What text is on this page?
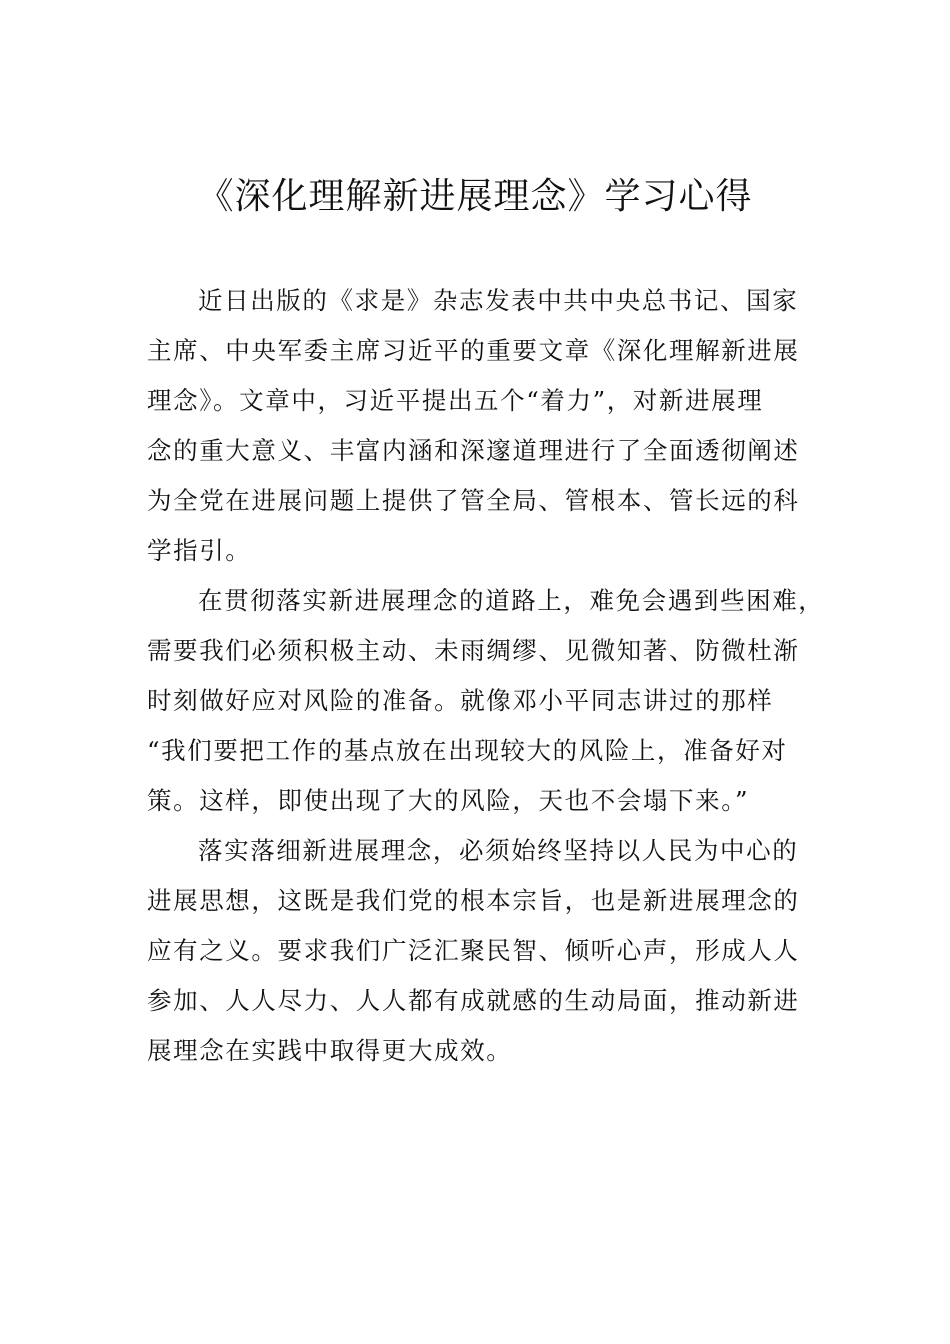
《深化理解新进展理念》学习心得
近日出版的《求是》杂志发表中共中央总书记、国家
主席、中央军委主席习近平的重要文章《深化理解新进展
理念》。文章中，习近平提出五个“着力”，对新进展理
念的重大意义、丰富内涵和深邃道理进行了全面透彻阐述
为全党在进展问题上提供了管全局、管根本、管长远的科
学指引。
在贯彻落实新进展理念的道路上，难免会遇到些困难，
需要我们必须积极主动、未雨绸缪、见微知著、防微杜渐
时刻做好应对风险的准备。就像邓小平同志讲过的那样
“我们要把工作的基点放在出现较大的风险上，准备好对
策。这样，即使出现了大的风险，天也不会塌下来。”
落实落细新进展理念，必须始终坚持以人民为中心的
进展思想，这既是我们党的根本宗旨，也是新进展理念的
应有之义。要求我们广泛汇聚民智、倾听心声，形成人人
参加、人人尽力、人人都有成就感的生动局面，推动新进
展理念在实践中取得更大成效。
